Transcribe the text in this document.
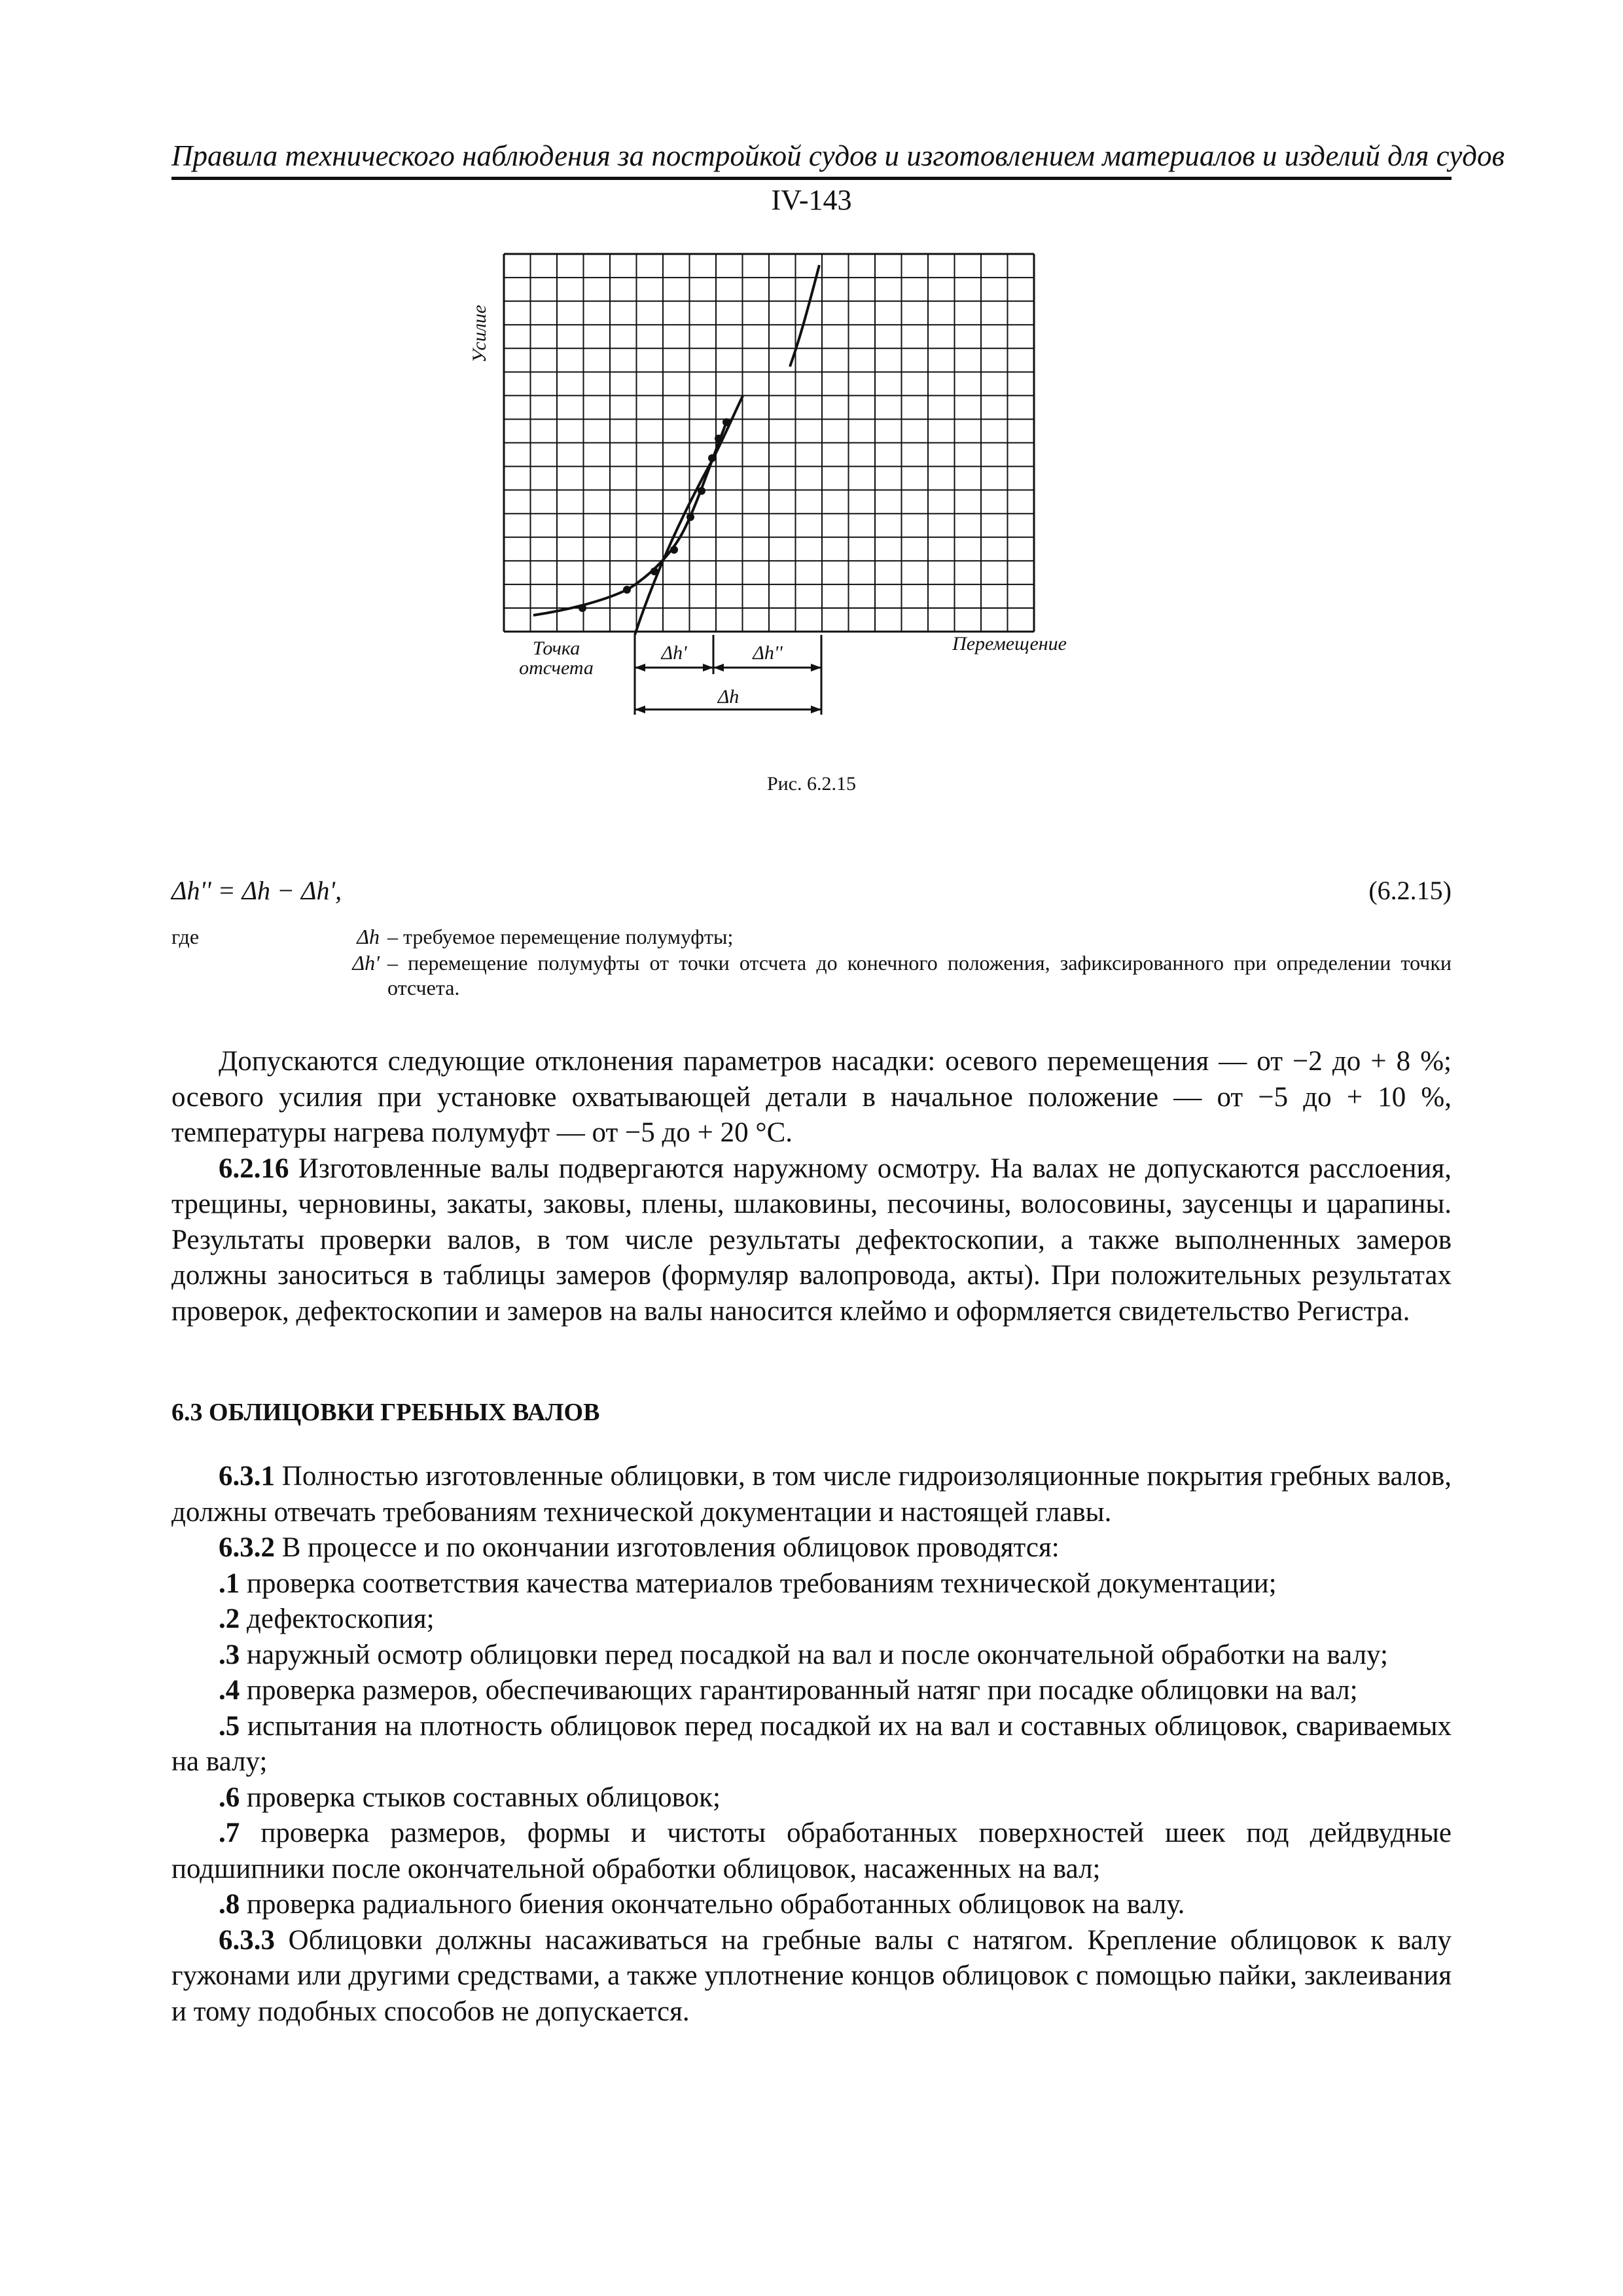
Правила технического наблюдения за постройкой судов и изготовлением материалов и изделий для судов
IV-143
Усилие
Перемещение
Точка
отсчета
Δh'	Δh''
Δh
Рис. 6.2.15
Δh'' = Δh − Δh',	(6.2.15)
где	Δh – требуемое перемещение полумуфты;
Δh' – перемещение полумуфты от точки отсчета до конечного положения, зафиксированного при определении точки отсчета.

Допускаются следующие отклонения параметров насадки: осевого перемещения — от −2 до + 8 %; осевого усилия при установке охватывающей детали в начальное положение — от −5 до + 10 %, температуры нагрева полумуфт — от −5 до + 20 °С.

6.2.16 Изготовленные валы подвергаются наружному осмотру. На валах не допускаются расслоения, трещины, черновины, закаты, заковы, плены, шлаковины, песочины, волосовины, заусенцы и царапины. Результаты проверки валов, в том числе результаты дефектоскопии, а также выполненных замеров должны заноситься в таблицы замеров (формуляр валопровода, акты). При положительных результатах проверок, дефектоскопии и замеров на валы наносится клеймо и оформляется свидетельство Регистра.

6.3 ОБЛИЦОВКИ ГРЕБНЫХ ВАЛОВ

6.3.1 Полностью изготовленные облицовки, в том числе гидроизоляционные покрытия гребных валов, должны отвечать требованиям технической документации и настоящей главы.

6.3.2 В процессе и по окончании изготовления облицовок проводятся:

.1 проверка соответствия качества материалов требованиям технической документации;

.2 дефектоскопия;

.3 наружный осмотр облицовки перед посадкой на вал и после окончательной обработки на валу;

.4 проверка размеров, обеспечивающих гарантированный натяг при посадке облицовки на вал;

.5 испытания на плотность облицовок перед посадкой их на вал и составных облицовок, свариваемых на валу;

.6 проверка стыков составных облицовок;

.7 проверка размеров, формы и чистоты обработанных поверхностей шеек под дейдвудные подшипники после окончательной обработки облицовок, насаженных на вал;

.8 проверка радиального биения окончательно обработанных облицовок на валу.

6.3.3 Облицовки должны насаживаться на гребные валы с натягом. Крепление облицовок к валу гужонами или другими средствами, а также уплотнение концов облицовок с помощью пайки, заклеивания и тому подобных способов не допускается.
